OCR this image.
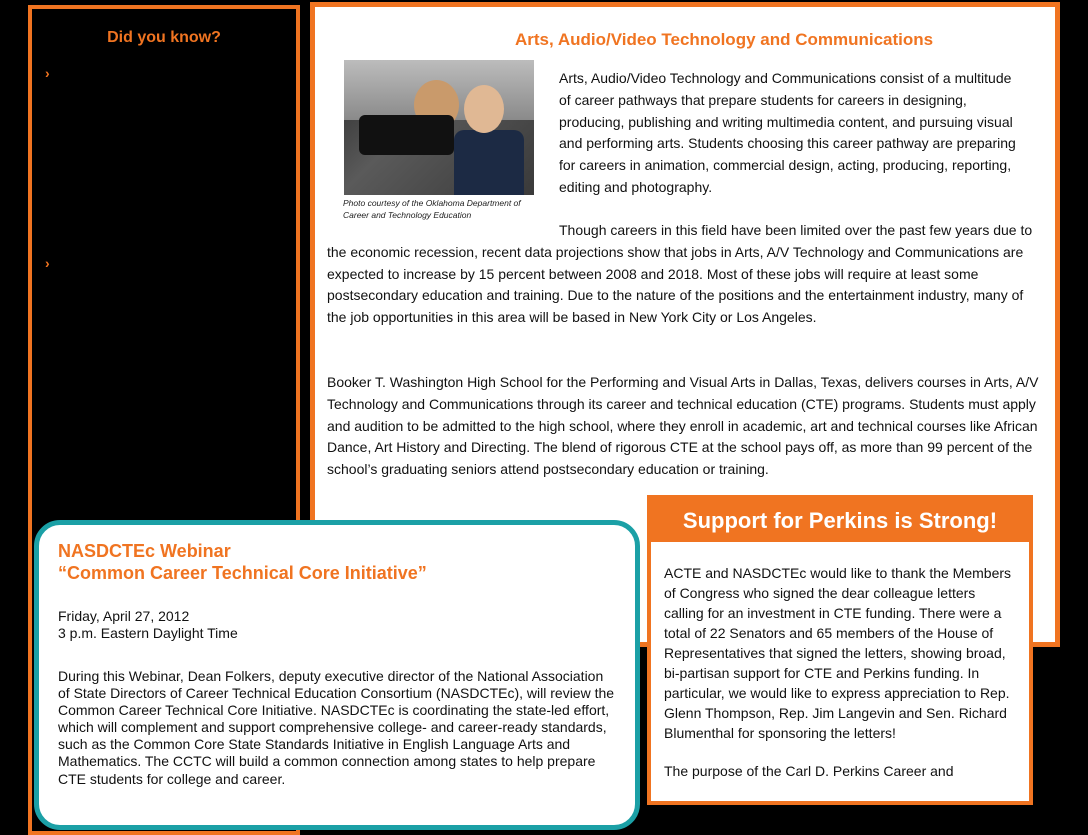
Did you know?
›
›
Arts, Audio/Video Technology and Communications
Photo courtesy of the Oklahoma Department of Career and Technology Education
Arts, Audio/Video Technology and Communications consist of a multitude of career pathways that prepare students for careers in designing, producing, publishing and writing multimedia content, and pursuing visual and performing arts. Students choosing this career pathway are preparing for careers in animation, commercial design, acting, producing, reporting, editing and photography.
Though careers in this field have been limited over the past few years due to the economic recession, recent data projections show that jobs in Arts, A/V Technology and Communications are expected to increase by 15 percent between 2008 and 2018. Most of these jobs will require at least some postsecondary education and training. Due to the nature of the positions and the entertainment industry, many of the job opportunities in this area will be based in New York City or Los Angeles.
Booker T. Washington High School for the Performing and Visual Arts in Dallas, Texas, delivers courses in Arts, A/V Technology and Communications through its career and technical education (CTE) programs. Students must apply and audition to be admitted to the high school, where they enroll in academic, art and technical courses like African Dance, Art History and Directing. The blend of rigorous CTE at the school pays off, as more than 99 percent of the school’s graduating seniors attend postsecondary education or training.
NASDCTEc Webinar
“Common Career Technical Core Initiative”
Friday, April 27, 2012
3 p.m. Eastern Daylight Time
During this Webinar, Dean Folkers, deputy executive director of the National Association of State Directors of Career Technical Education Consortium (NASDCTEc), will review the Common Career Technical Core Initiative. NASDCTEc is coordinating the state-led effort, which will complement and support comprehensive college- and career-ready standards, such as the Common Core State Standards Initiative in English Language Arts and Mathematics. The CCTC will build a common connection among states to help prepare CTE students for college and career.
Support for Perkins is Strong!
ACTE and NASDCTEc would like to thank the Members of Congress who signed the dear colleague letters calling for an investment in CTE funding. There were a total of 22 Senators and 65 members of the House of Representatives that signed the letters, showing broad, bi-partisan support for CTE and Perkins funding. In particular, we would like to express appreciation to Rep. Glenn Thompson, Rep. Jim Langevin and Sen. Richard Blumenthal for sponsoring the letters!
The purpose of the Carl D. Perkins Career and
